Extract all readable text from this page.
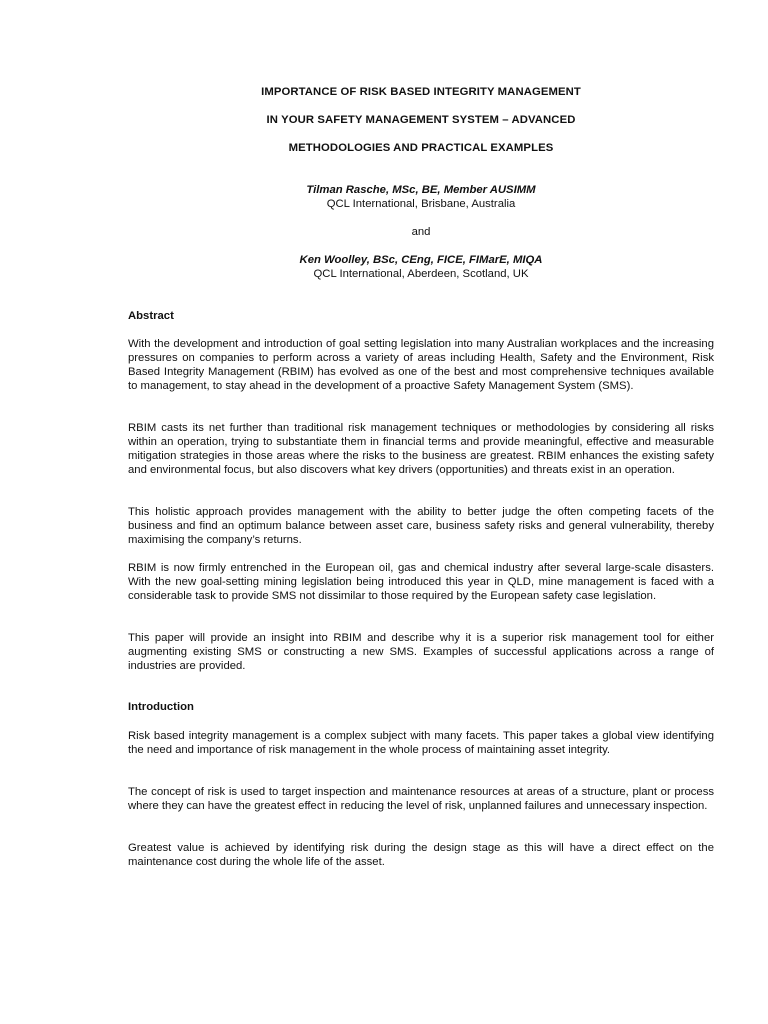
IMPORTANCE OF RISK BASED INTEGRITY MANAGEMENT
IN YOUR SAFETY MANAGEMENT SYSTEM – ADVANCED
METHODOLOGIES AND PRACTICAL EXAMPLES
Tilman Rasche, MSc, BE, Member AUSIMM
QCL International, Brisbane, Australia
and
Ken Woolley, BSc, CEng, FICE, FIMarE, MIQA
QCL International, Aberdeen, Scotland, UK
Abstract
With the development and introduction of goal setting legislation into many Australian workplaces and the increasing pressures on companies to perform across a variety of areas including Health, Safety and the Environment, Risk Based Integrity Management (RBIM) has evolved as one of the best and most comprehensive techniques available to management, to stay ahead in the development of a proactive Safety Management System (SMS).
RBIM casts its net further than traditional risk management techniques or methodologies by considering all risks within an operation, trying to substantiate them in financial terms and provide meaningful, effective and measurable mitigation strategies in those areas where the risks to the business are greatest. RBIM enhances the existing safety and environmental focus, but also discovers what key drivers (opportunities) and threats exist in an operation.
This holistic approach provides management with the ability to better judge the often competing facets of the business and find an optimum balance between asset care, business safety risks and general vulnerability, thereby maximising the company’s returns.
RBIM is now firmly entrenched in the European oil, gas and chemical industry after several large-scale disasters. With the new goal-setting mining legislation being introduced this year in QLD, mine management is faced with a considerable task to provide SMS not dissimilar to those required by the European safety case legislation.
This paper will provide an insight into RBIM and describe why it is a superior risk management tool for either augmenting existing SMS or constructing a new SMS. Examples of successful applications across a range of industries are provided.
Introduction
Risk based integrity management is a complex subject with many facets. This paper takes a global view identifying the need and importance of risk management in the whole process of maintaining asset integrity.
The concept of risk is used to target inspection and maintenance resources at areas of a structure, plant or process where they can have the greatest effect in reducing the level of risk, unplanned failures and unnecessary inspection.
Greatest value is achieved by identifying risk during the design stage as this will have a direct effect on the maintenance cost during the whole life of the asset.
